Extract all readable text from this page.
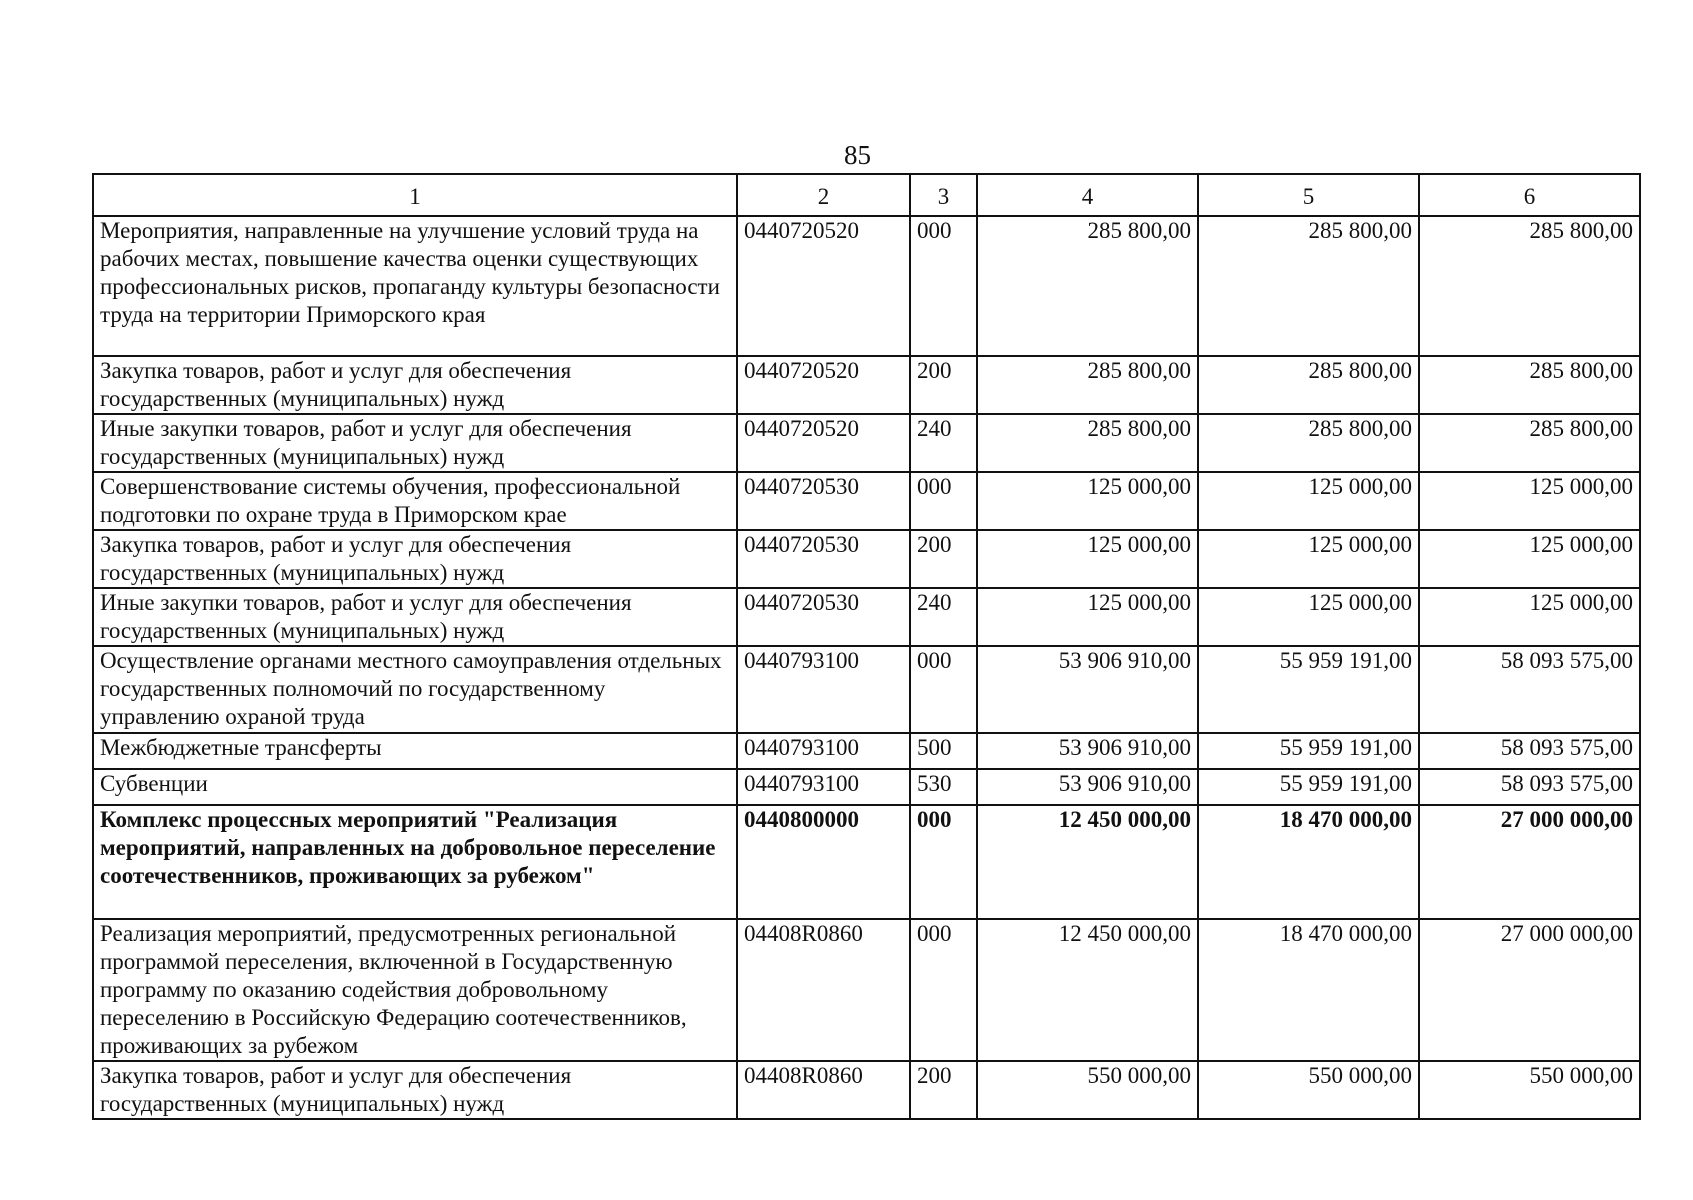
85
1	2	3	4	5	6
Мероприятия, направленные на улучшение условий труда на рабочих местах, повышение качества оценки существующих профессиональных рисков, пропаганду культуры безопасности труда на территории Приморского края	0440720520	000	285 800,00	285 800,00	285 800,00
Закупка товаров, работ и услуг для обеспечения государственных (муниципальных) нужд	0440720520	200	285 800,00	285 800,00	285 800,00
Иные закупки товаров, работ и услуг для обеспечения государственных (муниципальных) нужд	0440720520	240	285 800,00	285 800,00	285 800,00
Совершенствование системы обучения, профессиональной подготовки по охране труда в Приморском крае	0440720530	000	125 000,00	125 000,00	125 000,00
Закупка товаров, работ и услуг для обеспечения государственных (муниципальных) нужд	0440720530	200	125 000,00	125 000,00	125 000,00
Иные закупки товаров, работ и услуг для обеспечения государственных (муниципальных) нужд	0440720530	240	125 000,00	125 000,00	125 000,00
Осуществление органами местного самоуправления отдельных государственных полномочий по государственному управлению охраной труда	0440793100	000	53 906 910,00	55 959 191,00	58 093 575,00
Межбюджетные трансферты	0440793100	500	53 906 910,00	55 959 191,00	58 093 575,00
Субвенции	0440793100	530	53 906 910,00	55 959 191,00	58 093 575,00
Комплекс процессных мероприятий "Реализация мероприятий, направленных на добровольное переселение соотечественников, проживающих за рубежом"	0440800000	000	12 450 000,00	18 470 000,00	27 000 000,00
Реализация мероприятий, предусмотренных региональной программой переселения, включенной в Государственную программу по оказанию содействия добровольному переселению в Российскую Федерацию соотечественников, проживающих за рубежом	04408R0860	000	12 450 000,00	18 470 000,00	27 000 000,00
Закупка товаров, работ и услуг для обеспечения государственных (муниципальных) нужд	04408R0860	200	550 000,00	550 000,00	550 000,00
